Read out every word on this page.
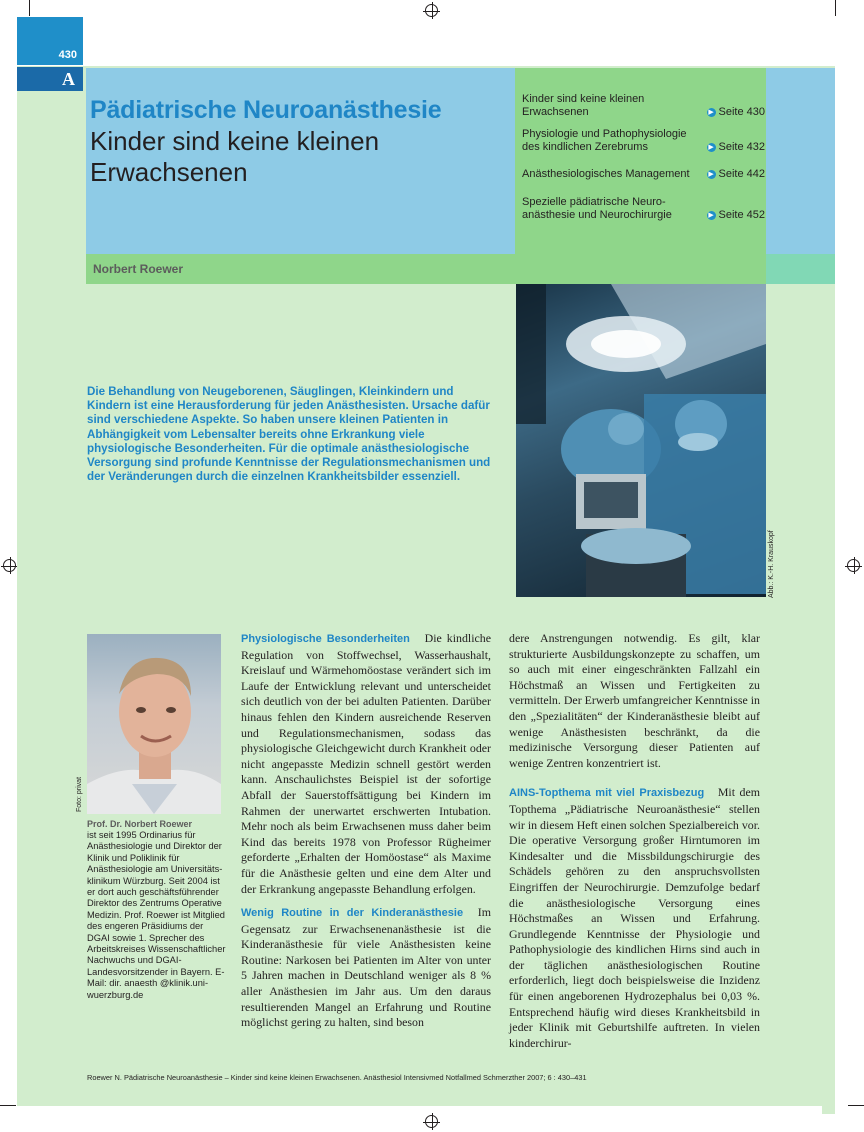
430
A
Pädiatrische Neuroanästhesie
Kinder sind keine kleinen Erwachsenen
Kinder sind keine kleinen Erwachsenen	▶ Seite 430
Physiologie und Pathophysiologie des kindlichen Zerebrums	▶ Seite 432
Anästhesiologisches Management	▶ Seite 442
Spezielle pädiatrische Neuroanästhesie und Neurochirurgie	▶ Seite 452
Norbert Roewer
Die Behandlung von Neugeborenen, Säuglingen, Kleinkindern und Kindern ist eine Herausforderung für jeden Anästhesisten. Ursache dafür sind verschiedene Aspekte. So haben unsere kleinen Patienten in Abhängigkeit vom Lebensalter bereits ohne Erkrankung viele physiologische Besonderheiten. Für die optimale anästhesiologische Versorgung sind profunde Kenntnisse der Regulationsmechanismen und der Veränderungen durch die einzelnen Krankheitsbilder essenziell.
Abb.: K.-H. Krauskopf
Foto: privat
Prof. Dr. Norbert Roewer
ist seit 1995 Ordinarius für Anästhesiologie und Direktor der Klinik und Poliklinik für Anästhesiologie am Universitätsklinikum Würzburg. Seit 2004 ist er dort auch geschäftsführender Direktor des Zentrums Operative Medizin. Prof. Roewer ist Mitglied des engeren Präsidiums der DGAI sowie 1. Sprecher des Arbeitskreises Wissenschaftlicher Nachwuchs und DGAI-Landesvorsitzender in Bayern. E-Mail: dir. anaesth @klinik.uni-wuerzburg.de

Physiologische Besonderheiten Die kindliche Regulation von Stoffwechsel, Wasserhaushalt, Kreislauf und Wärmehomöostase verändert sich im Laufe der Entwicklung relevant und unterscheidet sich deutlich von der bei adulten Patienten. Darüber hinaus fehlen den Kindern ausreichende Reserven und Regulationsmechanismen, sodass das physiologische Gleichgewicht durch Krankheit oder nicht angepasste Medizin schnell gestört werden kann. Anschaulichstes Beispiel ist der sofortige Abfall der Sauerstoffsättigung bei Kindern im Rahmen der unerwartet erschwerten Intubation. Mehr noch als beim Erwachsenen muss daher beim Kind das bereits 1978 von Professor Rügheimer geforderte „Erhalten der Homöostase“ als Maxime für die Anästhesie gelten und eine dem Alter und der Erkrankung angepasste Behandlung erfolgen.

Wenig Routine in der Kinderanästhesie Im Gegensatz zur Erwachsenenanästhesie ist die Kinderanästhesie für viele Anästhesisten keine Routine: Narkosen bei Patienten im Alter von unter 5 Jahren machen in Deutschland weniger als 8 % aller Anästhesien im Jahr aus. Um den daraus resultierenden Mangel an Erfahrung und Routine möglichst gering zu halten, sind beson

dere Anstrengungen notwendig. Es gilt, klar strukturierte Ausbildungskonzepte zu schaffen, um so auch mit einer eingeschränkten Fallzahl ein Höchstmaß an Wissen und Fertigkeiten zu vermitteln. Der Erwerb umfangreicher Kenntnisse in den „Spezialitäten“ der Kinderanästhesie bleibt auf wenige Anästhesisten beschränkt, da die medizinische Versorgung dieser Patienten auf wenige Zentren konzentriert ist.

AINS-Topthema mit viel Praxisbezug Mit dem Topthema „Pädiatrische Neuroanästhesie“ stellen wir in diesem Heft einen solchen Spezialbereich vor. Die operative Versorgung großer Hirntumoren im Kindesalter und die Missbildungschirurgie des Schädels gehören zu den anspruchsvollsten Eingriffen der Neurochirurgie. Demzufolge bedarf die anästhesiologische Versorgung eines Höchstmaßes an Wissen und Erfahrung. Grundlegende Kenntnisse der Physiologie und Pathophysiologie des kindlichen Hirns sind auch in der täglichen anästhesiologischen Routine erforderlich, liegt doch beispielsweise die Inzidenz für einen angeborenen Hydrozephalus bei 0,03 %. Entsprechend häufig wird dieses Krankheitsbild in jeder Klinik mit Geburtshilfe auftreten. In vielen kinderchirur-

Roewer N. Pädiatrische Neuroanästhesie – Kinder sind keine kleinen Erwachsenen. Anästhesiol Intensivmed Notfallmed Schmerzther 2007; 6 : 430–431
